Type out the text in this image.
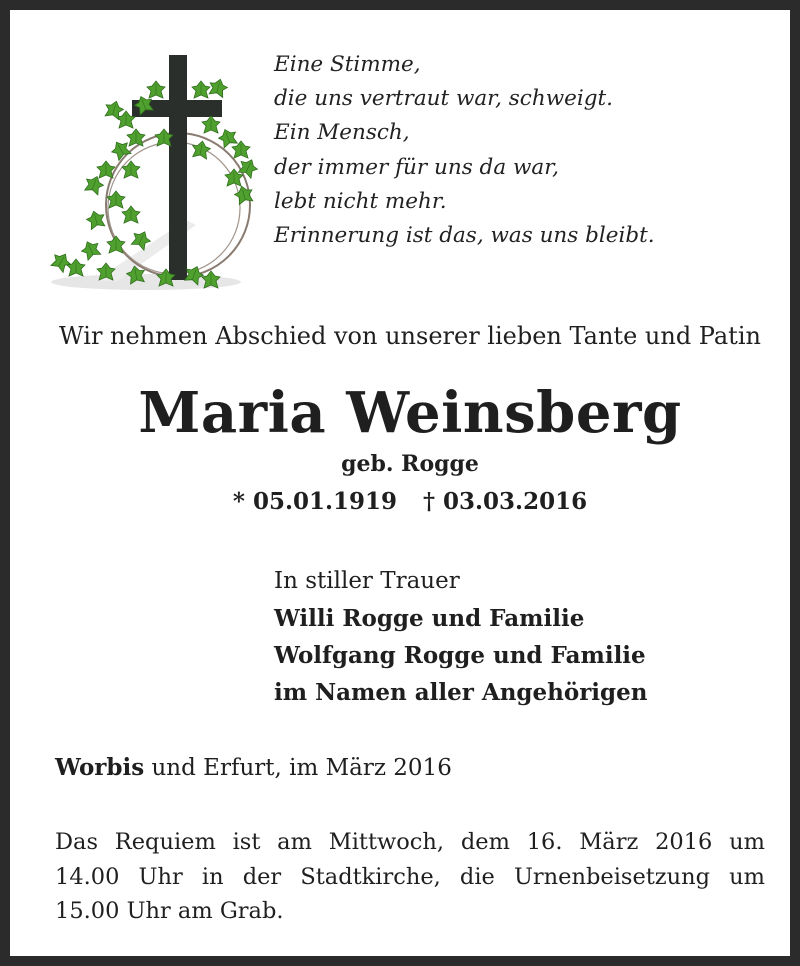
Eine Stimme,
die uns vertraut war, schweigt.
Ein Mensch,
der immer für uns da war,
lebt nicht mehr.
Erinnerung ist das, was uns bleibt.
Wir nehmen Abschied von unserer lieben Tante und Patin
Maria Weinsberg
geb. Rogge
* 05.01.1919 † 03.03.2016
In stiller Trauer
Willi Rogge und Familie
Wolfgang Rogge und Familie
im Namen aller Angehörigen
Worbis und Erfurt, im März 2016
Das Requiem ist am Mittwoch, dem 16. März 2016 um
14.00 Uhr in der Stadtkirche, die Urnenbeisetzung um
15.00 Uhr am Grab.
